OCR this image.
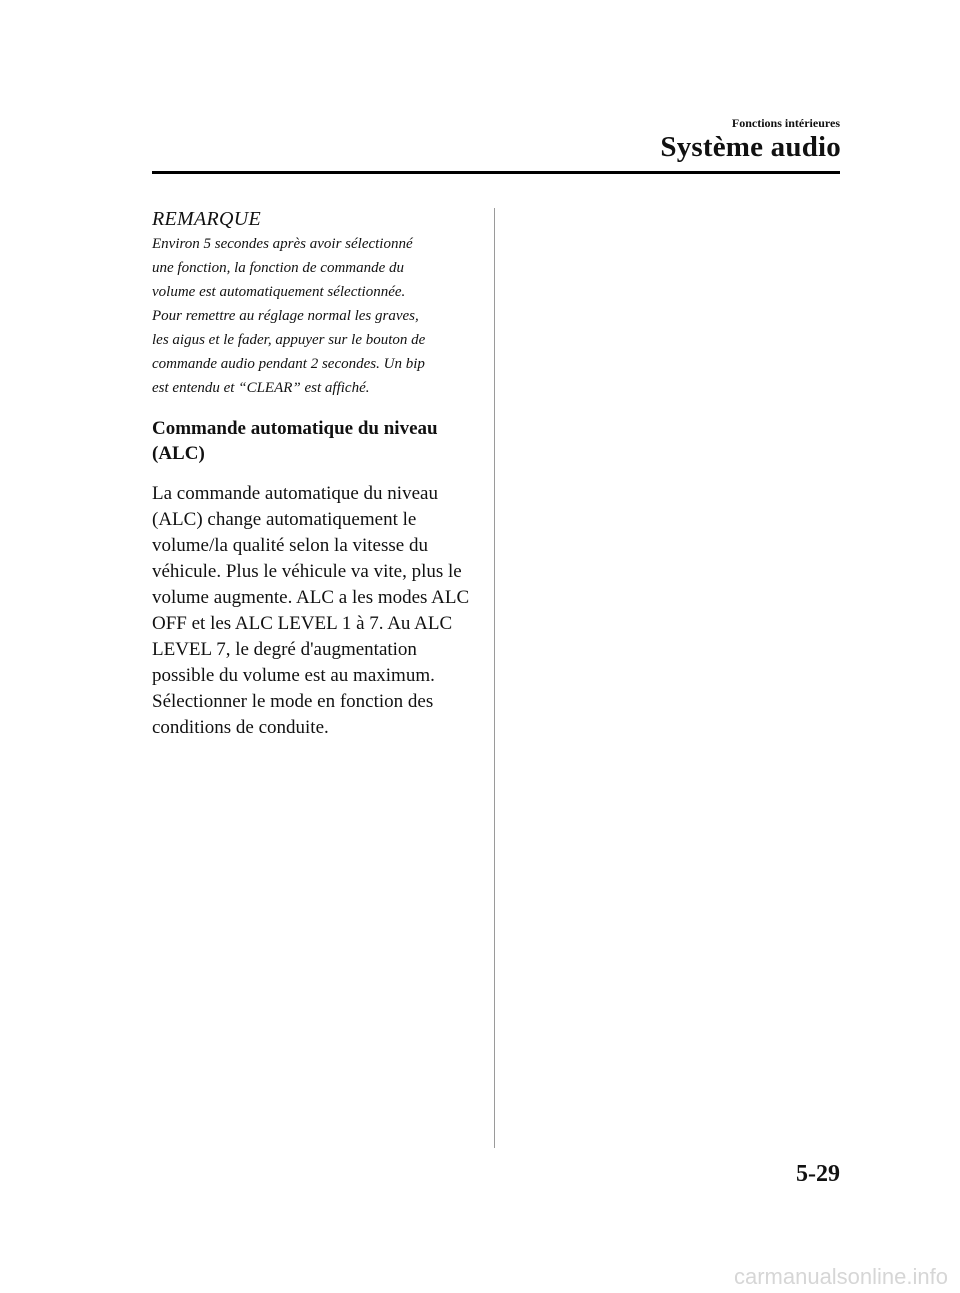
Fonctions intérieures
Système audio

REMARQUE

Environ 5 secondes après avoir sélectionné
une fonction, la fonction de commande du
volume est automatiquement sélectionnée.
Pour remettre au réglage normal les graves,
les aigus et le fader, appuyer sur le bouton de
commande audio pendant 2 secondes. Un bip
est entendu et “CLEAR” est affiché.

Commande automatique du niveau
(ALC)

La commande automatique du niveau
(ALC) change automatiquement le
volume/la qualité selon la vitesse du
véhicule. Plus le véhicule va vite, plus le
volume augmente. ALC a les modes ALC
OFF et les ALC LEVEL 1 à 7. Au ALC
LEVEL 7, le degré d'augmentation
possible du volume est au maximum.
Sélectionner le mode en fonction des
conditions de conduite.

5-29
carmanualsonline.info
